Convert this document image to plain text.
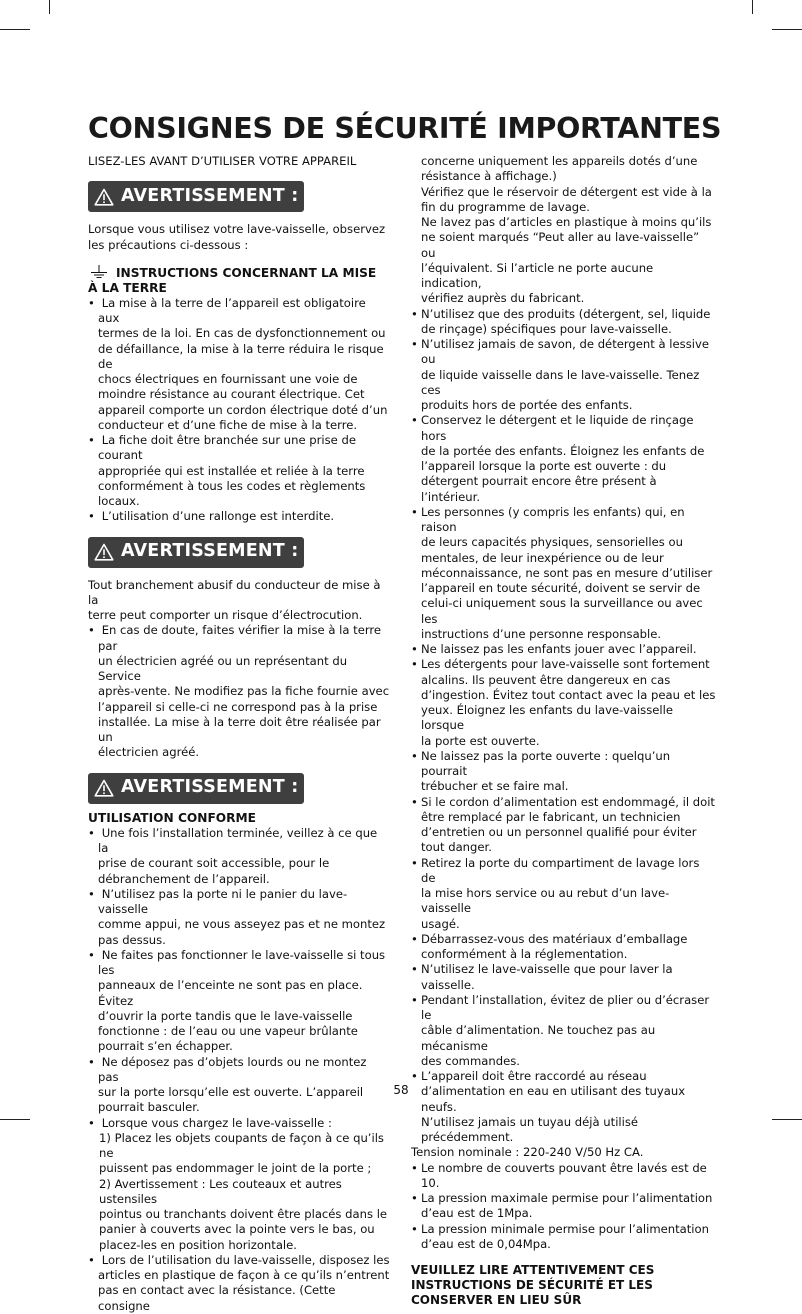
CONSIGNES DE SÉCURITÉ IMPORTANTES

LISEZ-LES AVANT D’UTILISER VOTRE APPAREIL

AVERTISSEMENT :

Lorsque vous utilisez votre lave-vaisselle, observez

les précautions ci-dessous :

INSTRUCTIONS CONCERNANT LA MISE
À LA TERRE
• La mise à la terre de l’appareil est obligatoire aux
termes de la loi. En cas de dysfonctionnement ou
de défaillance, la mise à la terre réduira le risque de
chocs électriques en fournissant une voie de
moindre résistance au courant électrique. Cet
appareil comporte un cordon électrique doté d’un
conducteur et d’une fiche de mise à la terre.
• La fiche doit être branchée sur une prise de courant
appropriée qui est installée et reliée à la terre
conformément à tous les codes et règlements
locaux.
• L’utilisation d’une rallonge est interdite.
AVERTISSEMENT :

Tout branchement abusif du conducteur de mise à la

terre peut comporter un risque d’électrocution.

• En cas de doute, faites vérifier la mise à la terre par
un électricien agréé ou un représentant du Service
après-vente. Ne modifiez pas la fiche fournie avec
l’appareil si celle-ci ne correspond pas à la prise
installée. La mise à la terre doit être réalisée par un
électricien agréé.
AVERTISSEMENT :
UTILISATION CONFORME
• Une fois l’installation terminée, veillez à ce que la
prise de courant soit accessible, pour le
débranchement de l’appareil.
• N’utilisez pas la porte ni le panier du lave-vaisselle
comme appui, ne vous asseyez pas et ne montez
pas dessus.
• Ne faites pas fonctionner le lave-vaisselle si tous les
panneaux de l’enceinte ne sont pas en place. Évitez
d’ouvrir la porte tandis que le lave-vaisselle
fonctionne : de l’eau ou une vapeur brûlante
pourrait s’en échapper.
• Ne déposez pas d’objets lourds ou ne montez pas
sur la porte lorsqu’elle est ouverte. L’appareil
pourrait basculer.
• Lorsque vous chargez le lave-vaisselle :
1) Placez les objets coupants de façon à ce qu’ils ne
puissent pas endommager le joint de la porte ;
2) Avertissement : Les couteaux et autres ustensiles
pointus ou tranchants doivent être placés dans le
panier à couverts avec la pointe vers le bas, ou
placez-les en position horizontale.
• Lors de l’utilisation du lave-vaisselle, disposez les
articles en plastique de façon à ce qu’ils n’entrent
pas en contact avec la résistance. (Cette consigne
concerne uniquement les appareils dotés d’une
résistance à affichage.)
Vérifiez que le réservoir de détergent est vide à la
fin du programme de lavage.
Ne lavez pas d’articles en plastique à moins qu’ils
ne soient marqués “Peut aller au lave-vaisselle” ou
l’équivalent. Si l’article ne porte aucune indication,
vérifiez auprès du fabricant.
• N’utilisez que des produits (détergent, sel, liquide
de rinçage) spécifiques pour lave-vaisselle.
• N’utilisez jamais de savon, de détergent à lessive ou
de liquide vaisselle dans le lave-vaisselle. Tenez ces
produits hors de portée des enfants.
• Conservez le détergent et le liquide de rinçage hors
de la portée des enfants. Éloignez les enfants de
l’appareil lorsque la porte est ouverte : du
détergent pourrait encore être présent à l’intérieur.
• Les personnes (y compris les enfants) qui, en raison
de leurs capacités physiques, sensorielles ou
mentales, de leur inexpérience ou de leur
méconnaissance, ne sont pas en mesure d’utiliser
l’appareil en toute sécurité, doivent se servir de
celui-ci uniquement sous la surveillance ou avec les
instructions d’une personne responsable.
• Ne laissez pas les enfants jouer avec l’appareil.
• Les détergents pour lave-vaisselle sont fortement
alcalins. Ils peuvent être dangereux en cas
d’ingestion. Évitez tout contact avec la peau et les
yeux. Éloignez les enfants du lave-vaisselle lorsque
la porte est ouverte.
• Ne laissez pas la porte ouverte : quelqu’un pourrait
trébucher et se faire mal.
• Si le cordon d’alimentation est endommagé, il doit
être remplacé par le fabricant, un technicien
d’entretien ou un personnel qualifié pour éviter
tout danger.
• Retirez la porte du compartiment de lavage lors de
la mise hors service ou au rebut d’un lave-vaisselle
usagé.
• Débarrassez-vous des matériaux d’emballage
conformément à la réglementation.
• N’utilisez le lave-vaisselle que pour laver la vaisselle.
• Pendant l’installation, évitez de plier ou d’écraser le
câble d’alimentation. Ne touchez pas au mécanisme
des commandes.
• L’appareil doit être raccordé au réseau
d’alimentation en eau en utilisant des tuyaux neufs.
N’utilisez jamais un tuyau déjà utilisé
précédemment.

Tension nominale : 220-240 V/50 Hz CA.

• Le nombre de couverts pouvant être lavés est de
10.
• La pression maximale permise pour l’alimentation
d’eau est de 1Mpa.
• La pression minimale permise pour l’alimentation
d’eau est de 0,04Mpa.
VEUILLEZ LIRE ATTENTIVEMENT CES
INSTRUCTIONS DE SÉCURITÉ ET LES
CONSERVER EN LIEU SÛR
58
